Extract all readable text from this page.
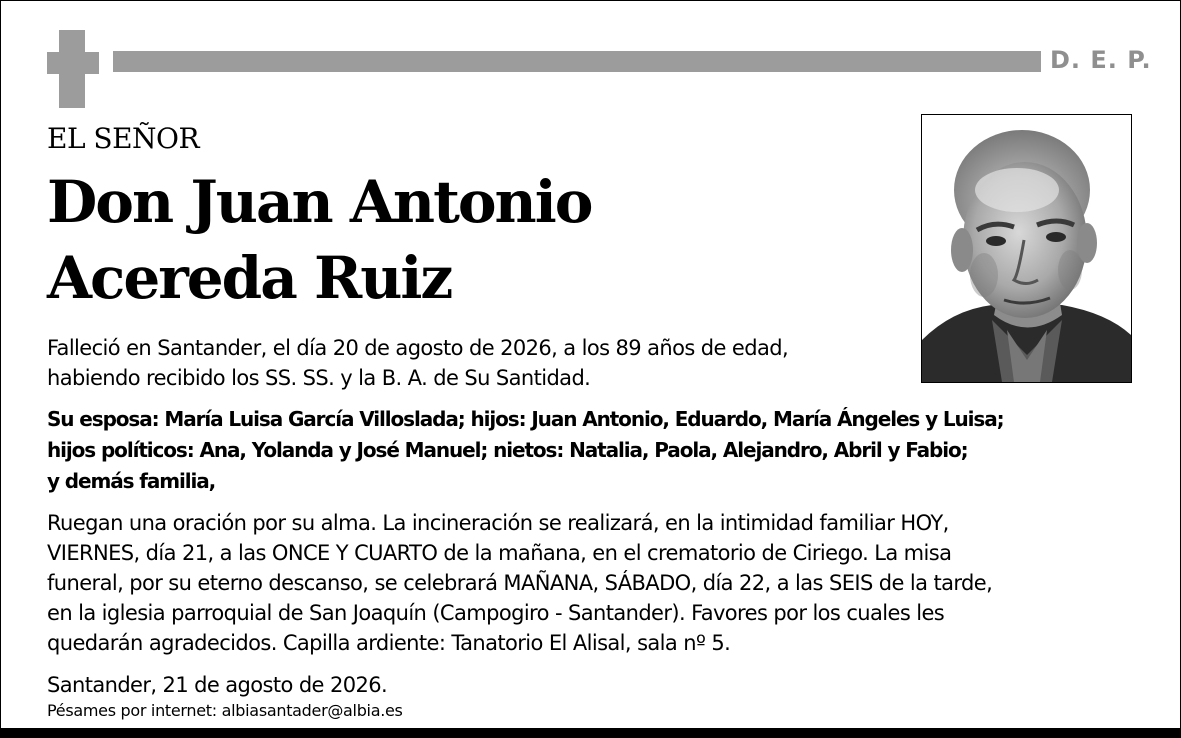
D. E. P.
EL SEÑOR
Don Juan Antonio
Acereda Ruiz
Falleció en Santander, el día 20 de agosto de 2026, a los 89 años de edad,
habiendo recibido los SS. SS. y la B. A. de Su Santidad.
Su esposa: María Luisa García Villoslada; hijos: Juan Antonio, Eduardo, María Ángeles y Luisa;
hijos políticos: Ana, Yolanda y José Manuel; nietos: Natalia, Paola, Alejandro, Abril y Fabio;
y demás familia,
Ruegan una oración por su alma. La incineración se realizará, en la intimidad familiar HOY,
VIERNES, día 21, a las ONCE Y CUARTO de la mañana, en el crematorio de Ciriego. La misa
funeral, por su eterno descanso, se celebrará MAÑANA, SÁBADO, día 22, a las SEIS de la tarde,
en la iglesia parroquial de San Joaquín (Campogiro - Santander). Favores por los cuales les
quedarán agradecidos. Capilla ardiente: Tanatorio El Alisal, sala nº 5.
Santander, 21 de agosto de 2026.
Pésames por internet: albiasantader@albia.es
